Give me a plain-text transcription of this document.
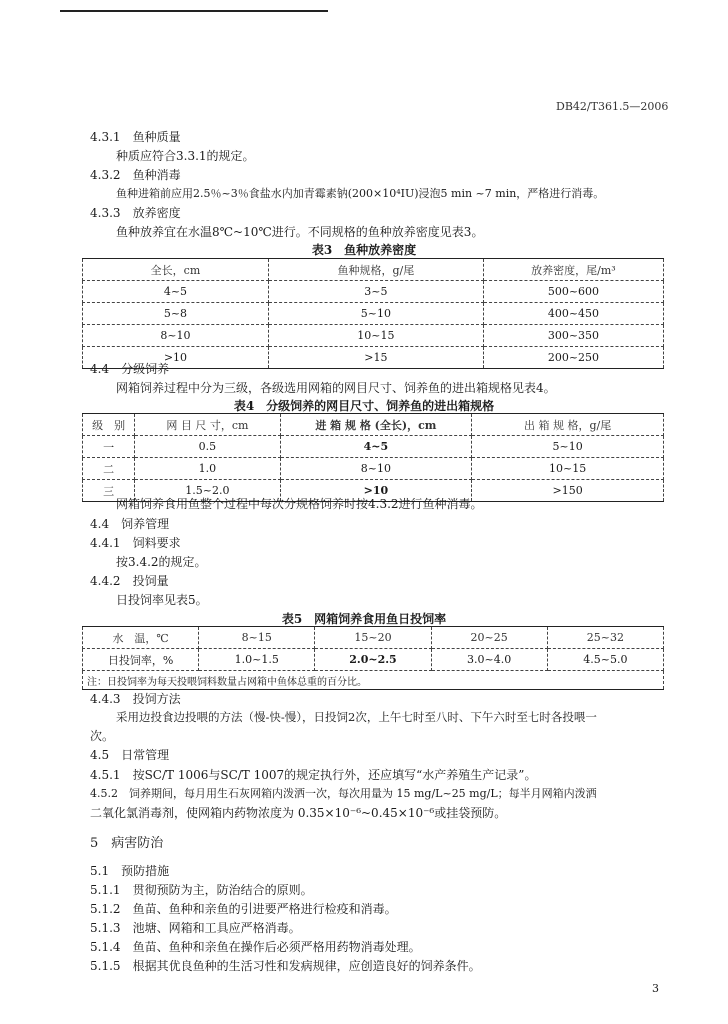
DB42/T361.5—2006
4.3.1　 鱼种质量
种质应符合3.3.1的规定。
4.3.2　 鱼种消毒
鱼种进箱前应用2.5％~3％食盐水内加青霉素钠(200×10⁴IU)浸泡5 min ~7 min，严格进行消毒。
4.3.3　 放养密度
鱼种放养宜在水温8℃~10℃进行。不同规格的鱼种放养密度见表3。
表3　鱼种放养密度
全长，cm	鱼种规格，g/尾	放养密度，尾/m³
4~5	3~5	500~600
5~8	5~10	400~450
8~10	10~15	300~350
>10	>15	200~250
4.4　 分级饲养
网箱饲养过程中分为三级，各级选用网箱的网目尺寸、饲养鱼的进出箱规格见表4。
表4　分级饲养的网目尺寸、饲养鱼的进出箱规格
级　别	网 目 尺 寸，cm	进 箱 规 格 (全长)，cm	出 箱 规 格，g/尾
一	0.5	4~5	5~10
二	1.0	8~10	10~15
三	1.5~2.0	>10	>150
网箱饲养食用鱼整个过程中每次分规格饲养时按4.3.2进行鱼种消毒。
4.4　 饲养管理
4.4.1　 饲料要求
按3.4.2的规定。
4.4.2　 投饲量
日投饲率见表5。
表5　网箱饲养食用鱼日投饲率
水　温，℃	8~15	15~20	20~25	25~32
日投饲率，%	1.0~1.5	2.0~2.5	3.0~4.0	4.5~5.0
注：日投饲率为每天投喂饲料数量占网箱中鱼体总重的百分比。				
4.4.3　 投饲方法
采用边投食边投喂的方法（慢-快-慢），日投饲2次，上午七时至八时、下午六时至七时各投喂一
次。
4.5　 日常管理
4.5.1　 按SC/T 1006与SC/T 1007的规定执行外，还应填写“水产养殖生产记录”。
4.5.2　 饲养期间，每月用生石灰网箱内泼洒一次，每次用量为 15 mg/L~25 mg/L；每半月网箱内泼洒
二氧化氯消毒剂，使网箱内药物浓度为 0.35×10⁻⁶~0.45×10⁻⁶或挂袋预防。
5　 病害防治
5.1　 预防措施
5.1.1　 贯彻预防为主，防治结合的原则。
5.1.2　 鱼苗、鱼种和亲鱼的引进要严格进行检疫和消毒。
5.1.3　 池塘、网箱和工具应严格消毒。
5.1.4　 鱼苗、鱼种和亲鱼在操作后必须严格用药物消毒处理。
5.1.5　 根据其优良鱼种的生活习性和发病规律，应创造良好的饲养条件。
3
